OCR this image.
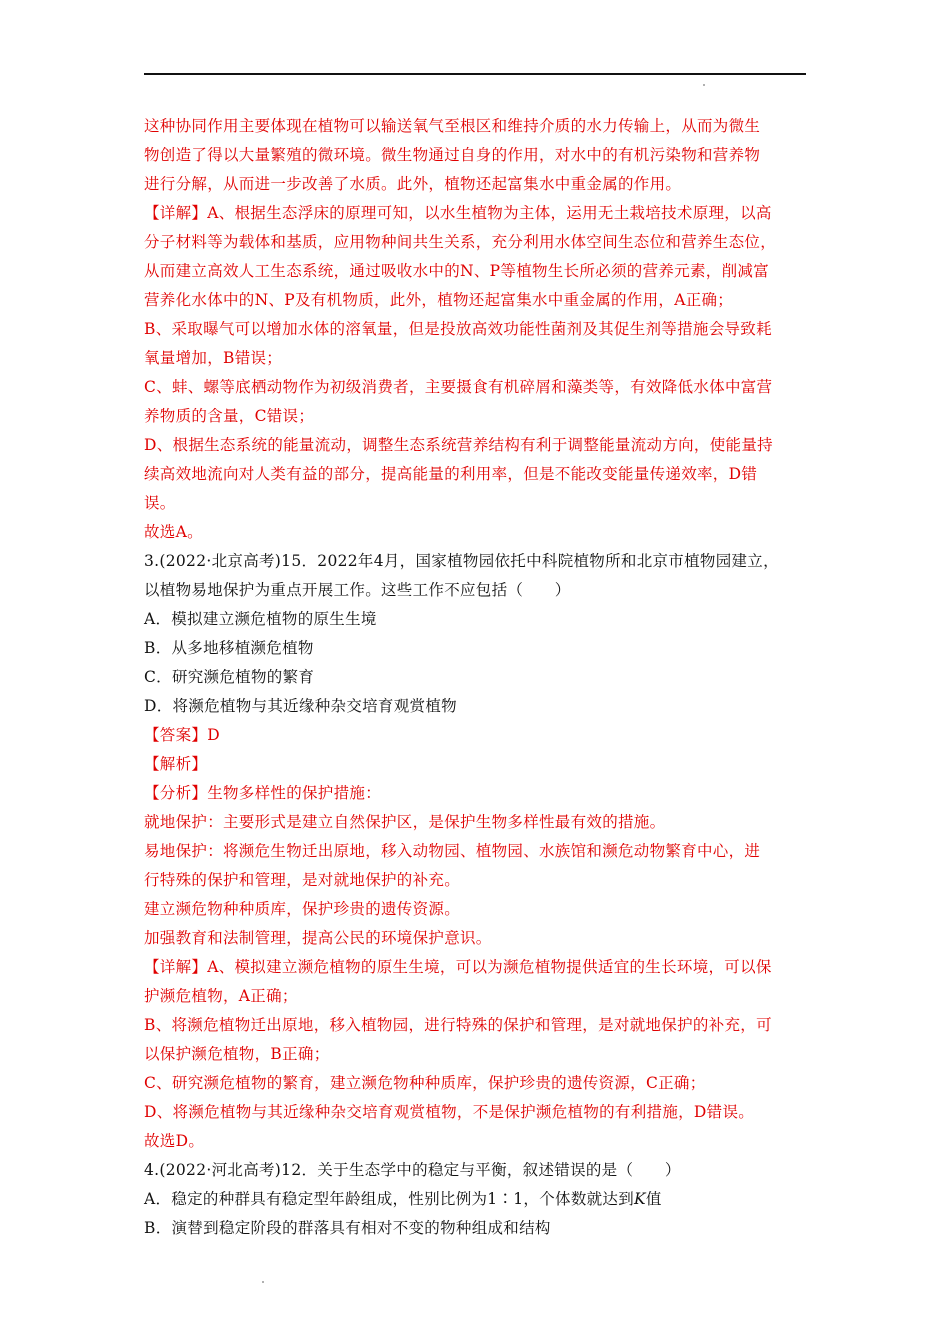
这种协同作用主要体现在植物可以输送氧气至根区和维持介质的水力传输上，从而为微生
物创造了得以大量繁殖的微环境。微生物通过自身的作用，对水中的有机污染物和营养物
进行分解，从而进一步改善了水质。此外，植物还起富集水中重金属的作用。
【详解】A、根据生态浮床的原理可知，以水生植物为主体，运用无土栽培技术原理，以高
分子材料等为载体和基质，应用物种间共生关系，充分利用水体空间生态位和营养生态位，
从而建立高效人工生态系统，通过吸收水中的N、P等植物生长所必须的营养元素，削减富
营养化水体中的N、P及有机物质，此外，植物还起富集水中重金属的作用，A正确；
B、采取曝气可以增加水体的溶氧量，但是投放高效功能性菌剂及其促生剂等措施会导致耗
氧量增加，B错误；
C、蚌、螺等底栖动物作为初级消费者，主要摄食有机碎屑和藻类等，有效降低水体中富营
养物质的含量，C错误；
D、根据生态系统的能量流动，调整生态系统营养结构有利于调整能量流动方向，使能量持
续高效地流向对人类有益的部分，提高能量的利用率，但是不能改变能量传递效率，D错
误。
故选A。
3.(2022·北京高考)15．2022年4月，国家植物园依托中科院植物所和北京市植物园建立，
以植物易地保护为重点开展工作。这些工作不应包括（　　）
A．模拟建立濒危植物的原生生境
B．从多地移植濒危植物
C．研究濒危植物的繁育
D．将濒危植物与其近缘种杂交培育观赏植物
【答案】D
【解析】
【分析】生物多样性的保护措施：
就地保护：主要形式是建立自然保护区，是保护生物多样性最有效的措施。
易地保护：将濒危生物迁出原地，移入动物园、植物园、水族馆和濒危动物繁育中心，进
行特殊的保护和管理，是对就地保护的补充。
建立濒危物种种质库，保护珍贵的遗传资源。
加强教育和法制管理，提高公民的环境保护意识。
【详解】A、模拟建立濒危植物的原生生境，可以为濒危植物提供适宜的生长环境，可以保
护濒危植物，A正确；
B、将濒危植物迁出原地，移入植物园，进行特殊的保护和管理，是对就地保护的补充，可
以保护濒危植物，B正确；
C、研究濒危植物的繁育，建立濒危物种种质库，保护珍贵的遗传资源，C正确；
D、将濒危植物与其近缘种杂交培育观赏植物，不是保护濒危植物的有利措施，D错误。
故选D。
4.(2022·河北高考)12．关于生态学中的稳定与平衡，叙述错误的是（　　）
A．稳定的种群具有稳定型年龄组成，性别比例为1∶1，个体数就达到K值
B．演替到稳定阶段的群落具有相对不变的物种组成和结构
